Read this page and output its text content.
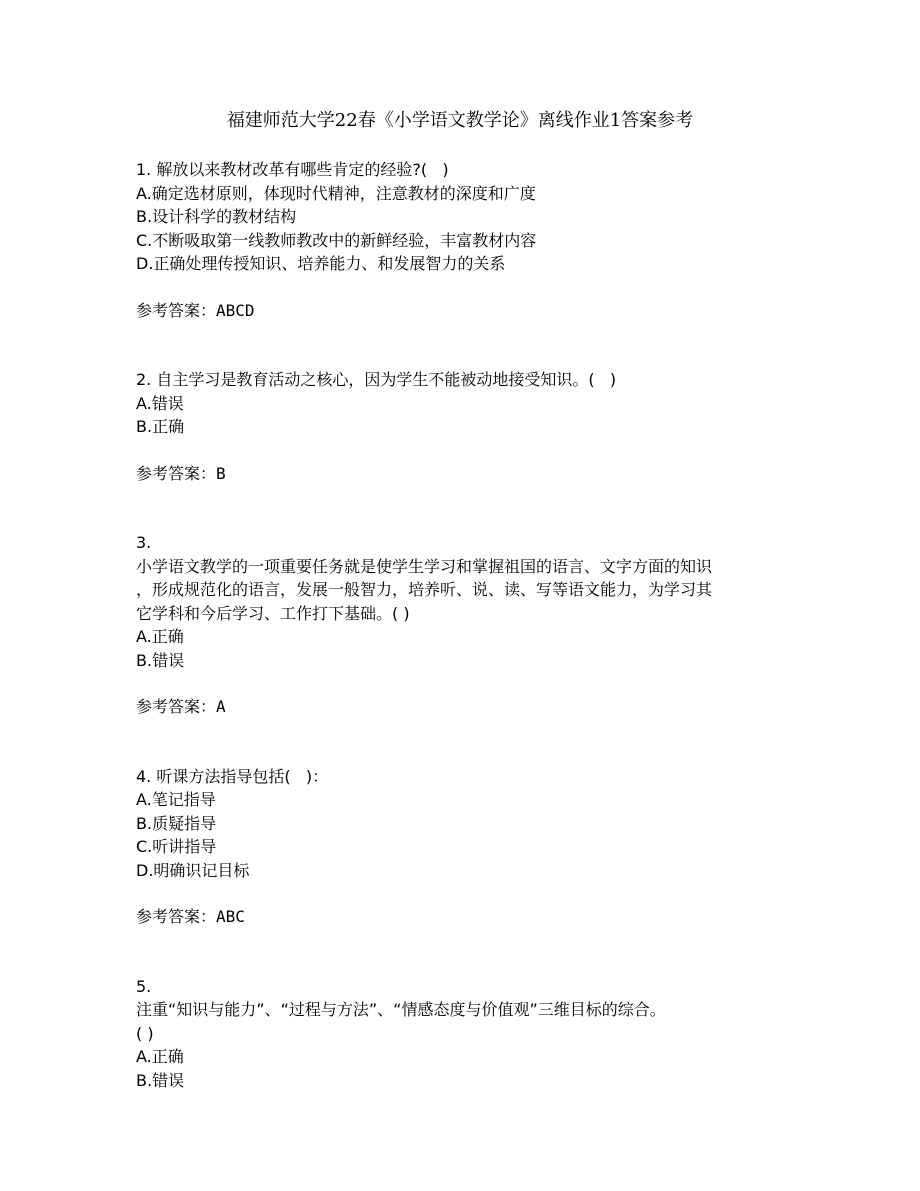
福建师范大学22春《小学语文教学论》离线作业1答案参考
1. 解放以来教材改革有哪些肯定的经验?(   )
A.确定选材原则，体现时代精神，注意教材的深度和广度
B.设计科学的教材结构
C.不断吸取第一线教师教改中的新鲜经验，丰富教材内容
D.正确处理传授知识、培养能力、和发展智力的关系
参考答案：ABCD
2. 自主学习是教育活动之核心，因为学生不能被动地接受知识。(   )
A.错误
B.正确
参考答案：B
3.
小学语文教学的一项重要任务就是使学生学习和掌握祖国的语言、文字方面的知识
，形成规范化的语言，发展一般智力，培养听、说、读、写等语文能力，为学习其
它学科和今后学习、工作打下基础。( )
A.正确
B.错误
参考答案：A
4. 听课方法指导包括(   )：
A.笔记指导
B.质疑指导
C.听讲指导
D.明确识记目标
参考答案：ABC
5.
注重“知识与能力”、“过程与方法”、“情感态度与价值观”三维目标的综合。
( )
A.正确
B.错误
